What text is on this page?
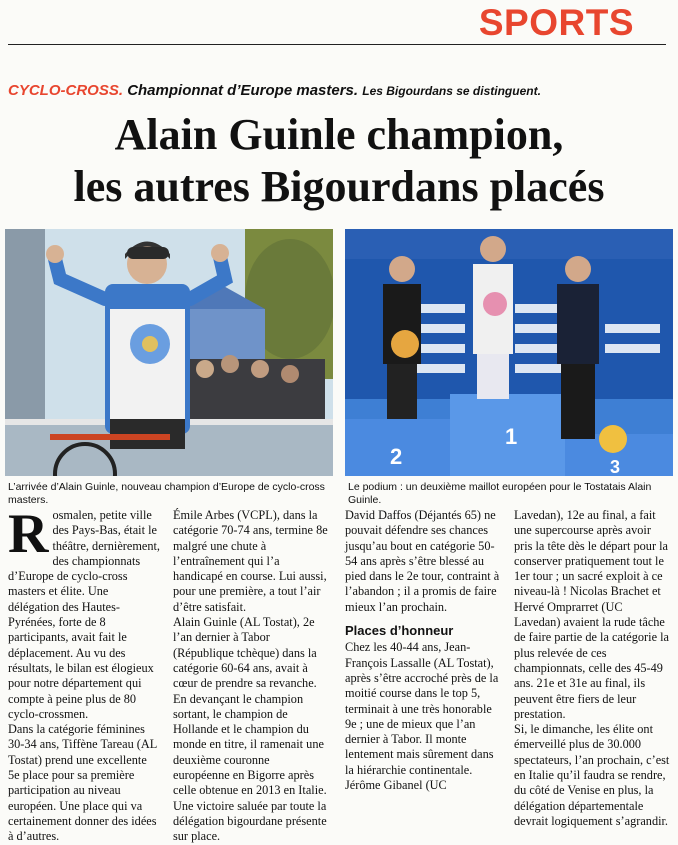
SPORTS
CYCLO-CROSS. Championnat d’Europe masters. Les Bigourdans se distinguent.
Alain Guinle champion,
les autres Bigourdans placés
L’arrivée d’Alain Guinle, nouveau champion d’Europe de cyclo-cross masters.
2
1
3
Le podium : un deuxième maillot européen pour le Tostatais Alain Guinle.

Rosmalen, petite ville des Pays-Bas, était le théâtre, dernièrement, des championnats d’Europe de cyclo-cross masters et élite. Une délégation des Hautes-Pyrénées, forte de 8 participants, avait fait le déplacement. Au vu des résultats, le bilan est élogieux pour notre département qui compte à peine plus de 80 cyclo-crossmen.

Dans la catégorie féminines 30-34 ans, Tiffène Tareau (AL Tostat) prend une excellente 5e place pour sa première participation au niveau européen. Une place qui va certainement donner des idées à d’autres.

Émile Arbes (VCPL), dans la catégorie 70-74 ans, termine 8e malgré une chute à l’entraînement qui l’a handicapé en course. Lui aussi, pour une première, a tout l’air d’être satisfait.

Alain Guinle (AL Tostat), 2e l’an dernier à Tabor (République tchèque) dans la catégorie 60-64 ans, avait à cœur de prendre sa revanche. En devançant le champion sortant, le champion de Hollande et le champion du monde en titre, il ramenait une deuxième couronne européenne en Bigorre après celle obtenue en 2013 en Italie. Une victoire saluée par toute la délégation bigourdane présente sur place.

David Daffos (Déjantés 65) ne pouvait défendre ses chances jusqu’au bout en catégorie 50-54 ans après s’être blessé au pied dans le 2e tour, contraint à l’abandon ; il a promis de faire mieux l’an prochain.

Places d’honneur

Chez les 40-44 ans, Jean-François Lassalle (AL Tostat), après s’être accroché près de la moitié course dans le top 5, terminait à une très honorable 9e ; une de mieux que l’an dernier à Tabor. Il monte lentement mais sûrement dans la hiérarchie continentale. Jérôme Gibanel (UC

Lavedan), 12e au final, a fait une supercourse après avoir pris la tête dès le départ pour la conserver pratiquement tout le 1er tour ; un sacré exploit à ce niveau-là ! Nicolas Brachet et Hervé Omprarret (UC Lavedan) avaient la rude tâche de faire partie de la catégorie la plus relevée de ces championnats, celle des 45-49 ans. 21e et 31e au final, ils peuvent être fiers de leur prestation.

Si, le dimanche, les élite ont émerveillé plus de 30.000 spectateurs, l’an prochain, c’est en Italie qu’il faudra se rendre, du côté de Venise en plus, la délégation départementale devrait logiquement s’agrandir.
